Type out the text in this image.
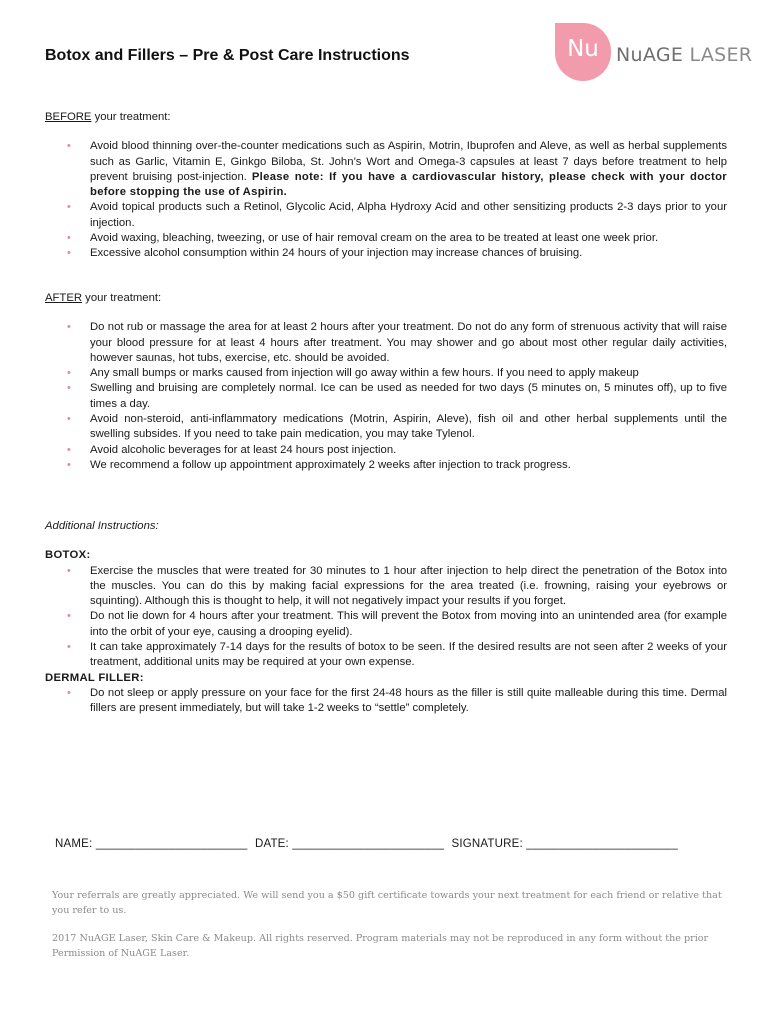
Botox and Fillers – Pre & Post Care Instructions	Nu NuAGE LASER

BEFORE your treatment:

• Avoid blood thinning over-the-counter medications such as Aspirin, Motrin, Ibuprofen and Aleve, as well as herbal supplements such as Garlic, Vitamin E, Ginkgo Biloba, St. John’s Wort and Omega-3 capsules at least 7 days before treatment to help prevent bruising post-injection. Please note: If you have a cardiovascular history, please check with your doctor before stopping the use of Aspirin.
• Avoid topical products such a Retinol, Glycolic Acid, Alpha Hydroxy Acid and other sensitizing products 2-3 days prior to your injection.
• Avoid waxing, bleaching, tweezing, or use of hair removal cream on the area to be treated at least one week prior.
• Excessive alcohol consumption within 24 hours of your injection may increase chances of bruising.

AFTER your treatment:

• Do not rub or massage the area for at least 2 hours after your treatment. Do not do any form of strenuous activity that will raise your blood pressure for at least 4 hours after treatment. You may shower and go about most other regular daily activities, however saunas, hot tubs, exercise, etc. should be avoided.
• Any small bumps or marks caused from injection will go away within a few hours. If you need to apply makeup
• Swelling and bruising are completely normal. Ice can be used as needed for two days (5 minutes on, 5 minutes off), up to five times a day.
• Avoid non-steroid, anti-inflammatory medications (Motrin, Aspirin, Aleve), fish oil and other herbal supplements until the swelling subsides. If you need to take pain medication, you may take Tylenol.
• Avoid alcoholic beverages for at least 24 hours post injection.
• We recommend a follow up appointment approximately 2 weeks after injection to track progress.

Additional Instructions:

BOTOX:

• Exercise the muscles that were treated for 30 minutes to 1 hour after injection to help direct the penetration of the Botox into the muscles. You can do this by making facial expressions for the area treated (i.e. frowning, raising your eyebrows or squinting). Although this is thought to help, it will not negatively impact your results if you forget.
• Do not lie down for 4 hours after your treatment. This will prevent the Botox from moving into an unintended area (for example into the orbit of your eye, causing a drooping eyelid).
• It can take approximately 7-14 days for the results of botox to be seen. If the desired results are not seen after 2 weeks of your treatment, additional units may be required at your own expense.

DERMAL FILLER:

• Do not sleep or apply pressure on your face for the first 24-48 hours as the filler is still quite malleable during this time. Dermal fillers are present immediately, but will take 1-2 weeks to “settle” completely.
NAME: _______________________ DATE: _______________________ SIGNATURE: _______________________
Your referrals are greatly appreciated. We will send you a $50 gift certificate towards your next treatment for each friend or relative that you refer to us.
2017 NuAGE Laser, Skin Care & Makeup. All rights reserved. Program materials may not be reproduced in any form without the prior Permission of NuAGE Laser.
